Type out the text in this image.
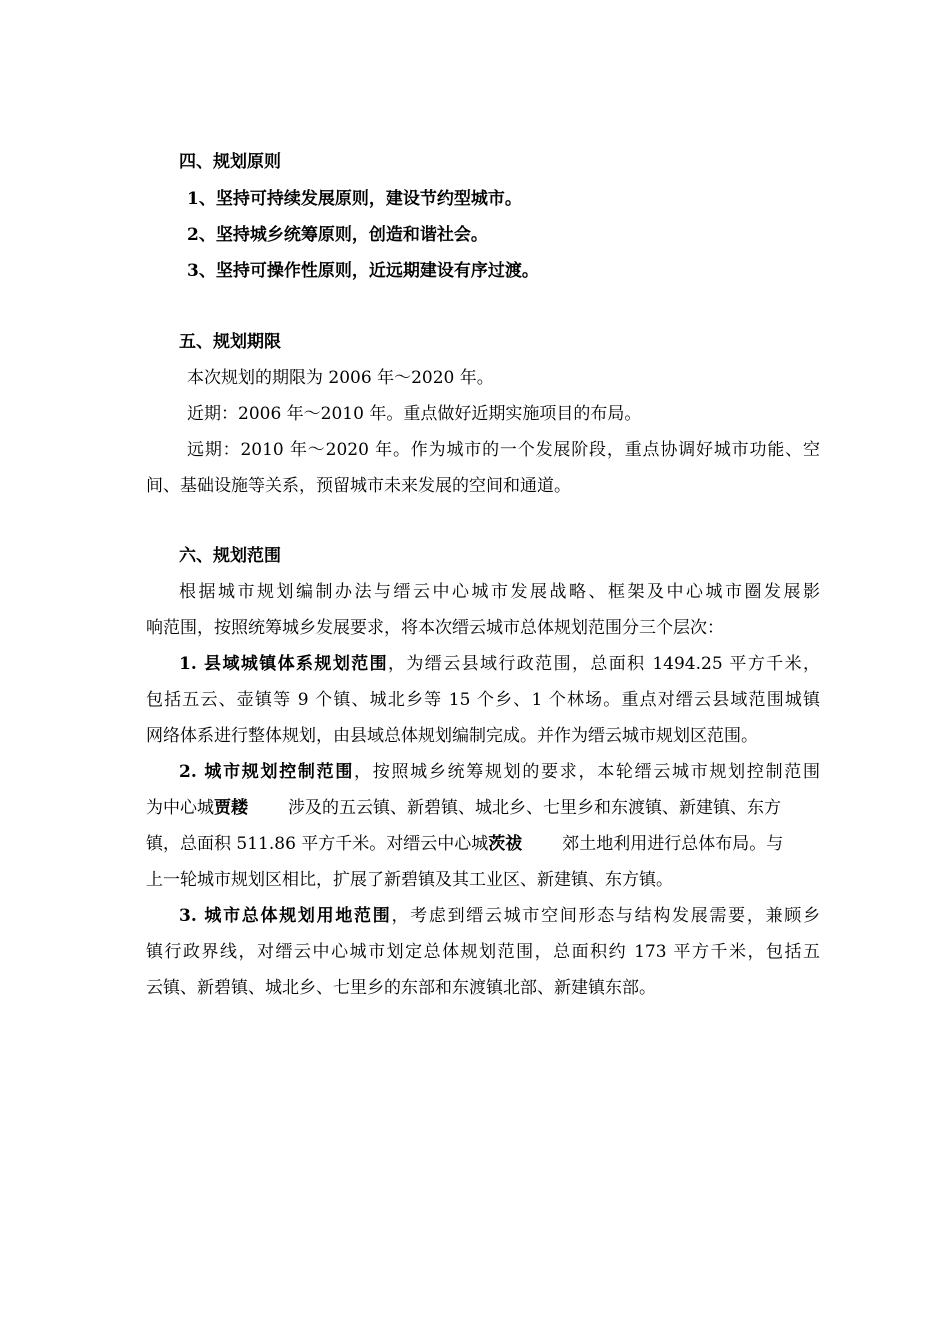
四、规划原则
1、坚持可持续发展原则，建设节约型城市。
2、坚持城乡统筹原则，创造和谐社会。
3、坚持可操作性原则，近远期建设有序过渡。
五、规划期限
本次规划的期限为 2006 年～2020 年。
近期：2006 年～2010 年。重点做好近期实施项目的布局。
远期：2010 年～2020 年。作为城市的一个发展阶段，重点协调好城市功能、空
间、基础设施等关系，预留城市未来发展的空间和通道。
六、规划范围
根据城市规划编制办法与缙云中心城市发展战略、框架及中心城市圈发展影
响范围，按照统筹城乡发展要求，将本次缙云城市总体规划范围分三个层次：
1. 县域城镇体系规划范围，为缙云县域行政范围，总面积 1494.25 平方千米，
包括五云、壶镇等 9 个镇、城北乡等 15 个乡、1 个林场。重点对缙云县域范围城镇
网络体系进行整体规划，由县域总体规划编制完成。并作为缙云城市规划区范围。
2. 城市规划控制范围，按照城乡统筹规划的要求，本轮缙云城市规划控制范围
为中心城贾耧 涉及的五云镇、新碧镇、城北乡、七里乡和东渡镇、新建镇、东方
镇，总面积 511.86 平方千米。对缙云中心城茨祓 郊土地利用进行总体布局。与
上一轮城市规划区相比，扩展了新碧镇及其工业区、新建镇、东方镇。
3. 城市总体规划用地范围，考虑到缙云城市空间形态与结构发展需要，兼顾乡
镇行政界线，对缙云中心城市划定总体规划范围，总面积约 173 平方千米，包括五
云镇、新碧镇、城北乡、七里乡的东部和东渡镇北部、新建镇东部。
